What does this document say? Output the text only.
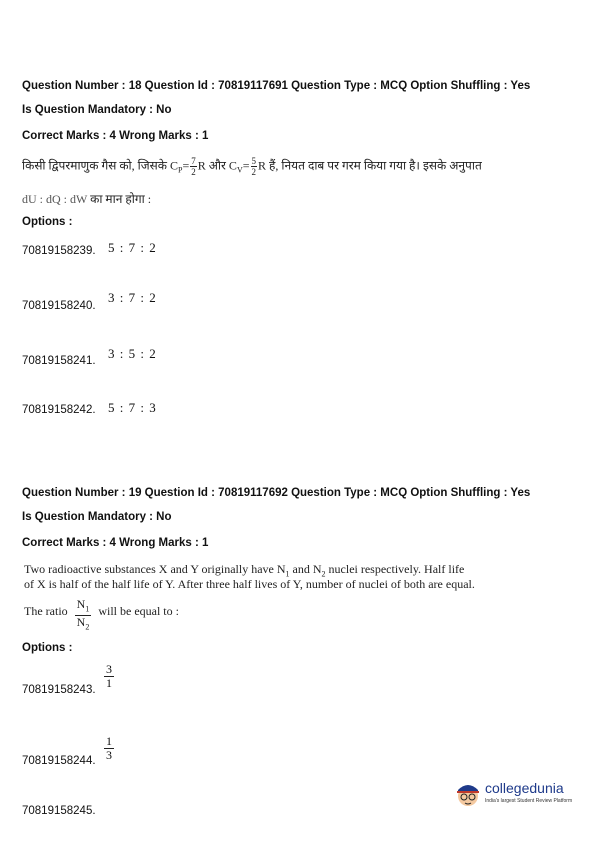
Question Number : 18 Question Id : 70819117691 Question Type : MCQ Option Shuffling : Yes
Is Question Mandatory : No
Correct Marks : 4 Wrong Marks : 1
किसी द्विपरमाणुक गैस को, जिसके $C_P= \frac{7}{2}$ R और $C_V= \frac{5}{2}$ R हैं, नियत दाब पर गरम किया गया है। इसके अनुपात
dU : dQ : dW का मान होगा :
Options :
70819158239. 5 : 7 : 2
70819158240.
3 : 7 : 2
70819158241. 3 : 5 : 2
70819158242. 5 : 7 : 3
Question Number : 19 Question Id : 70819117692 Question Type : MCQ Option Shuffling : Yes
Is Question Mandatory : No
Correct Marks : 4 Wrong Marks : 1
Two radioactive substances X and Y originally have $N_1$ and $N_2$ nuclei respectively. Half life
of X is half of the half life of Y. After three half lives of Y, number of nuclei of both are equal.
The ratio $\frac{N_1}{N_2}$ will be equal to :
Options :
70819158243. $\frac{3}{1}$
70819158244. $\frac{1}{3}$
70819158245.
collegedunia
India's largest Student Review Platform
